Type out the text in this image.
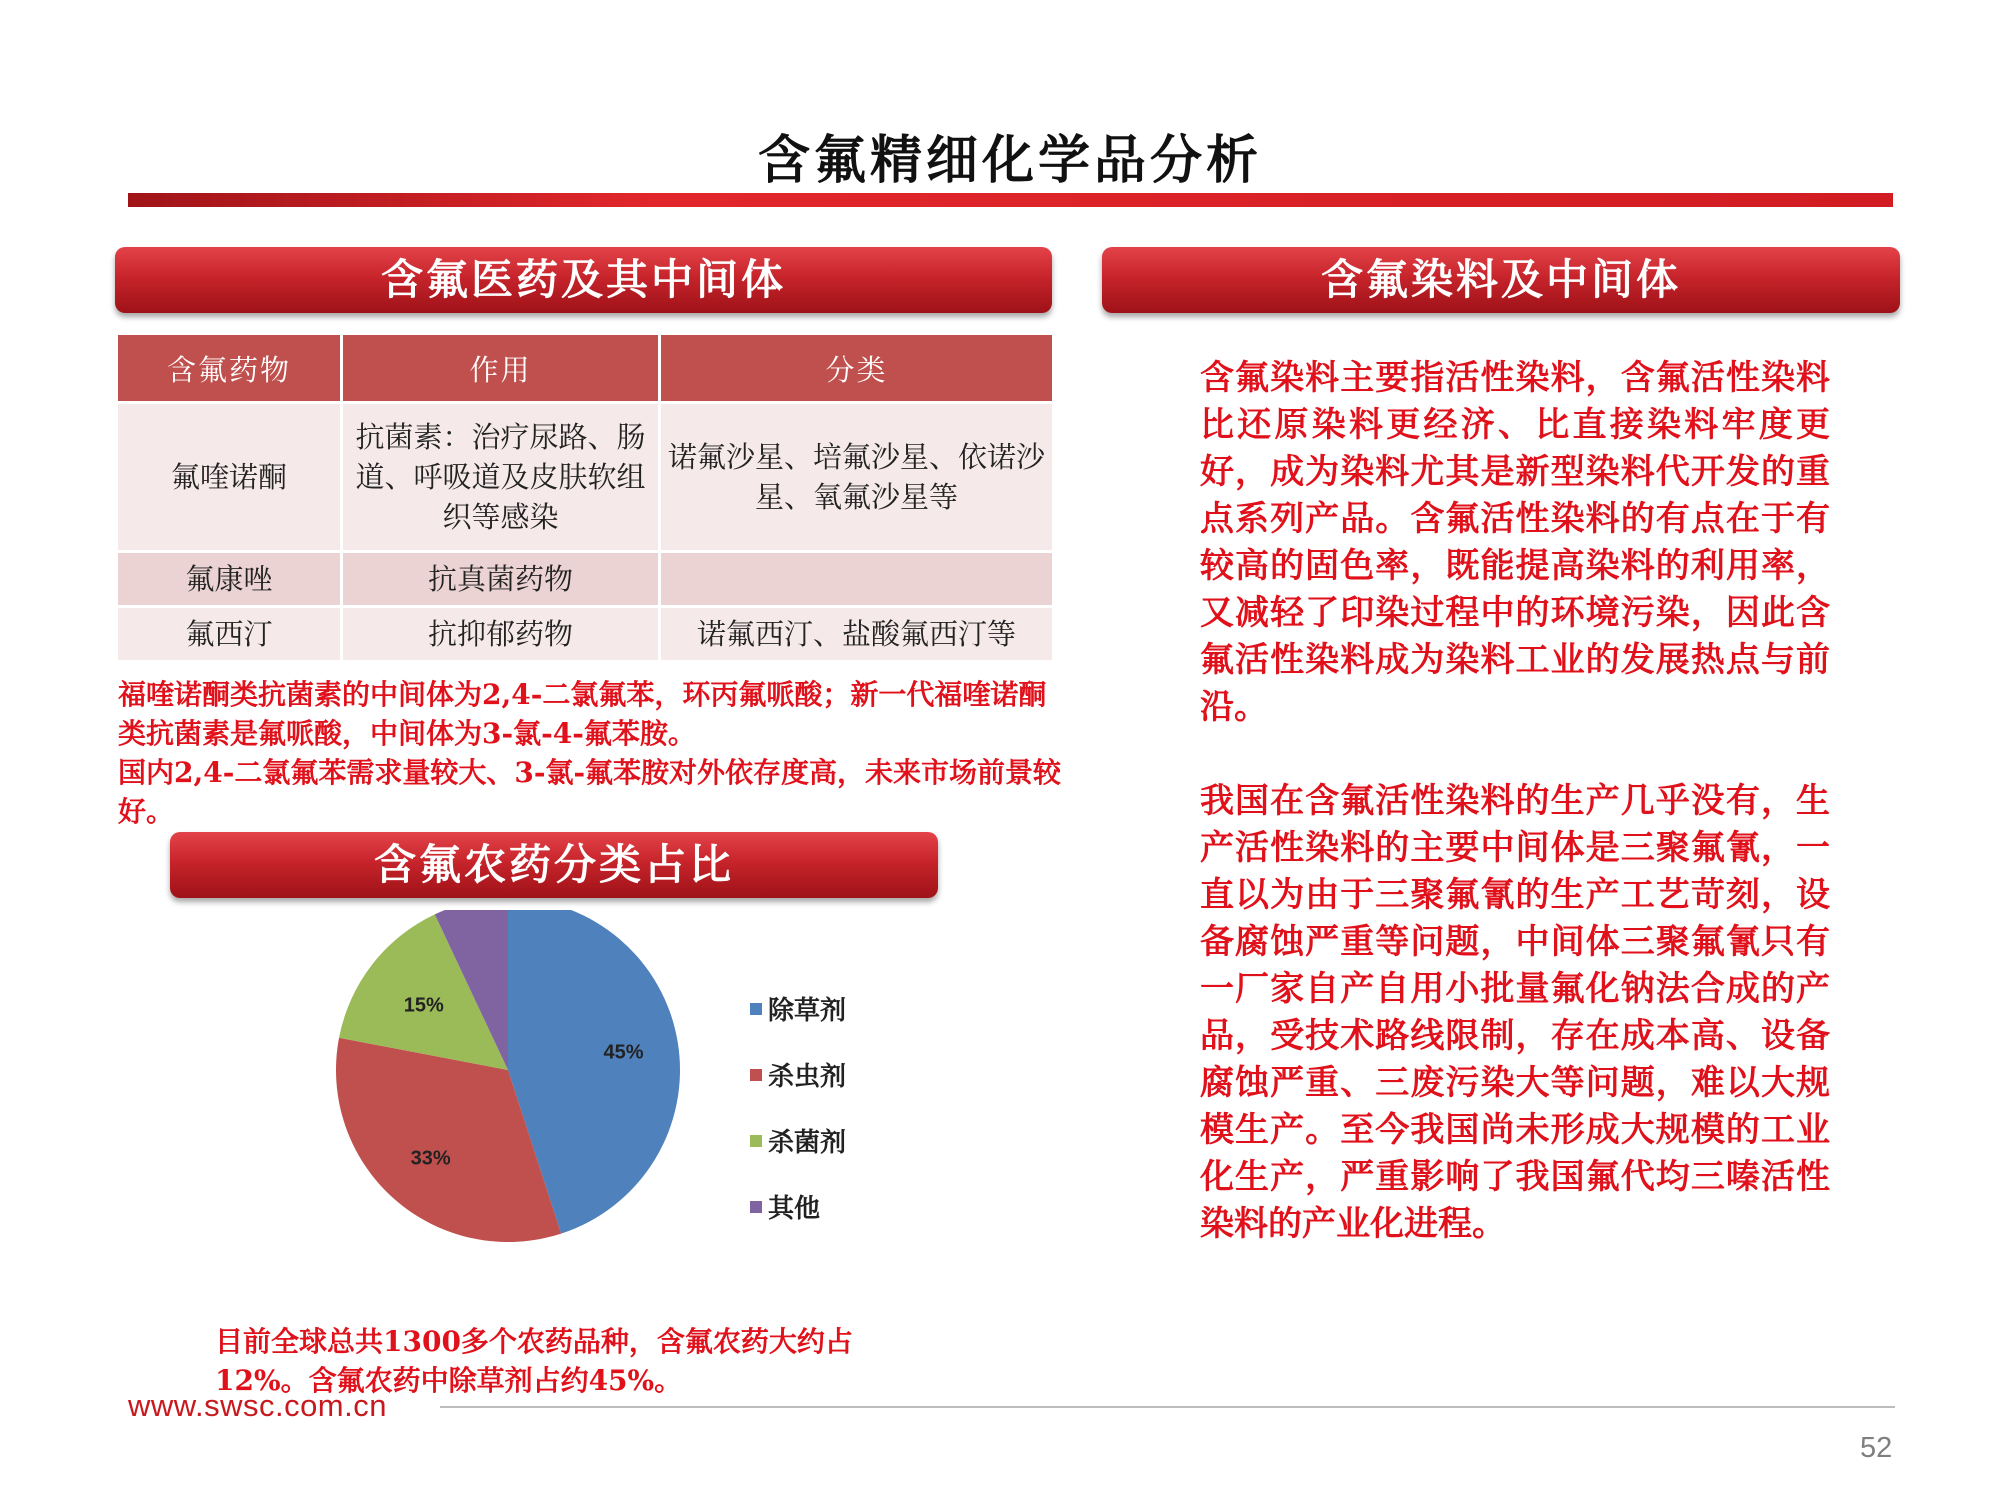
含氟精细化学品分析
含氟医药及其中间体
含氟药物	作用	分类
氟喹诺酮	抗菌素：治疗尿路、肠道、呼吸道及皮肤软组织等感染	诺氟沙星、培氟沙星、依诺沙星、氧氟沙星等
氟康唑	抗真菌药物	
氟西汀	抗抑郁药物	诺氟西汀、盐酸氟西汀等

福喹诺酮类抗菌素的中间体为2,4-二氯氟苯，环丙氟哌酸；新一代福喹诺酮类抗菌素是氟哌酸，中间体为3-氯-4-氟苯胺。

国内2,4-二氯氟苯需求量较大、3-氯-氟苯胺对外依存度高，未来市场前景较好。

含氟农药分类占比
45%
33%
15%	除草剂
杀虫剂
杀菌剂
其他
目前全球总共1300多个农药品种，含氟农药大约占12%。含氟农药中除草剂占约45%。
含氟染料及中间体

含氟染料主要指活性染料，含氟活性染料比还原染料更经济、比直接染料牢度更好，成为染料尤其是新型染料代开发的重点系列产品。含氟活性染料的有点在于有较高的固色率，既能提高染料的利用率，又减轻了印染过程中的环境污染，因此含氟活性染料成为染料工业的发展热点与前沿。

我国在含氟活性染料的生产几乎没有，生产活性染料的主要中间体是三聚氟氰，一直以为由于三聚氟氰的生产工艺苛刻，设备腐蚀严重等问题，中间体三聚氟氰只有一厂家自产自用小批量氟化钠法合成的产品，受技术路线限制，存在成本高、设备腐蚀严重、三废污染大等问题，难以大规模生产。至今我国尚未形成大规模的工业化生产，严重影响了我国氟代均三嗪活性染料的产业化进程。

www.swsc.com.cn
52
